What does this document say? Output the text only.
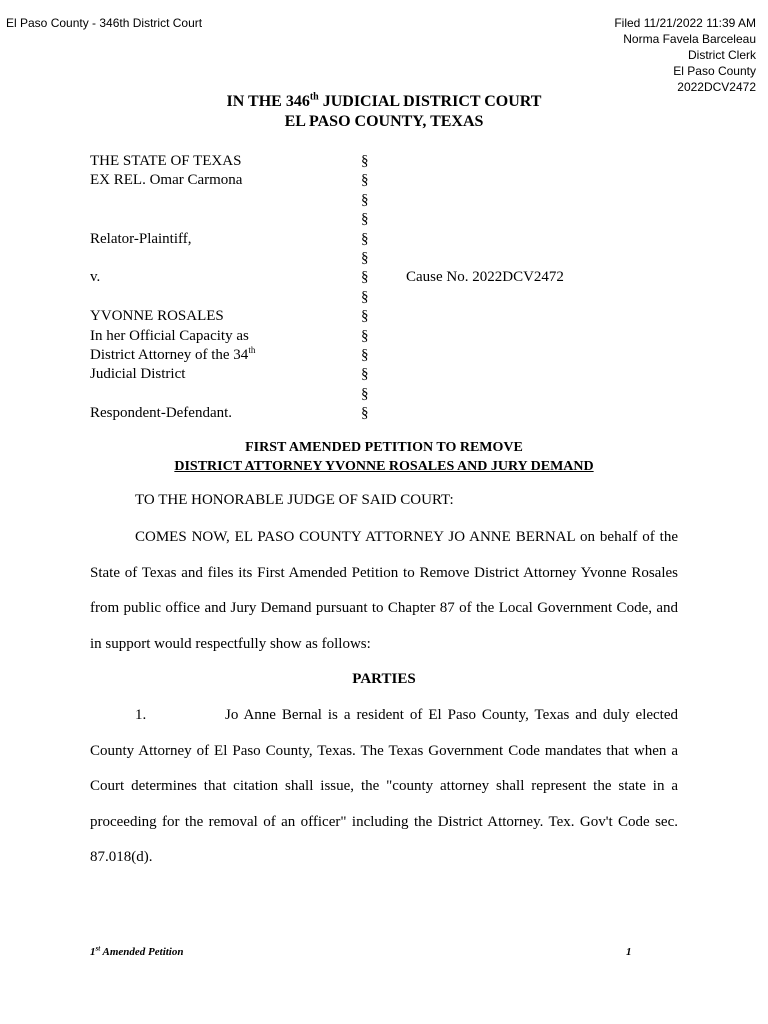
El Paso County - 346th District Court	Filed 11/21/2022 11:39 AM
Norma Favela Barceleau
District Clerk
El Paso County
2022DCV2472
IN THE 346th JUDICIAL DISTRICT COURT
EL PASO COUNTY, TEXAS
THE STATE OF TEXAS	§
EX REL. Omar Carmona	§
§
§
Relator-Plaintiff,	§
§
v.	§	Cause No. 2022DCV2472
§
YVONNE ROSALES	§
In her Official Capacity as	§
District Attorney of the 34th	§
Judicial District	§
§
Respondent-Defendant.	§
FIRST AMENDED PETITION TO REMOVE
DISTRICT ATTORNEY YVONNE ROSALES AND JURY DEMAND
TO THE HONORABLE JUDGE OF SAID COURT:
COMES NOW, EL PASO COUNTY ATTORNEY JO ANNE BERNAL on behalf of the State of Texas and files its First Amended Petition to Remove District Attorney Yvonne Rosales from public office and Jury Demand pursuant to Chapter 87 of the Local Government Code, and in support would respectfully show as follows:
PARTIES
1.	Jo Anne Bernal is a resident of El Paso County, Texas and duly elected County Attorney of El Paso County, Texas. The Texas Government Code mandates that when a Court determines that citation shall issue, the "county attorney shall represent the state in a proceeding for the removal of an officer" including the District Attorney. Tex. Gov't Code sec. 87.018(d).
1st Amended Petition	1
